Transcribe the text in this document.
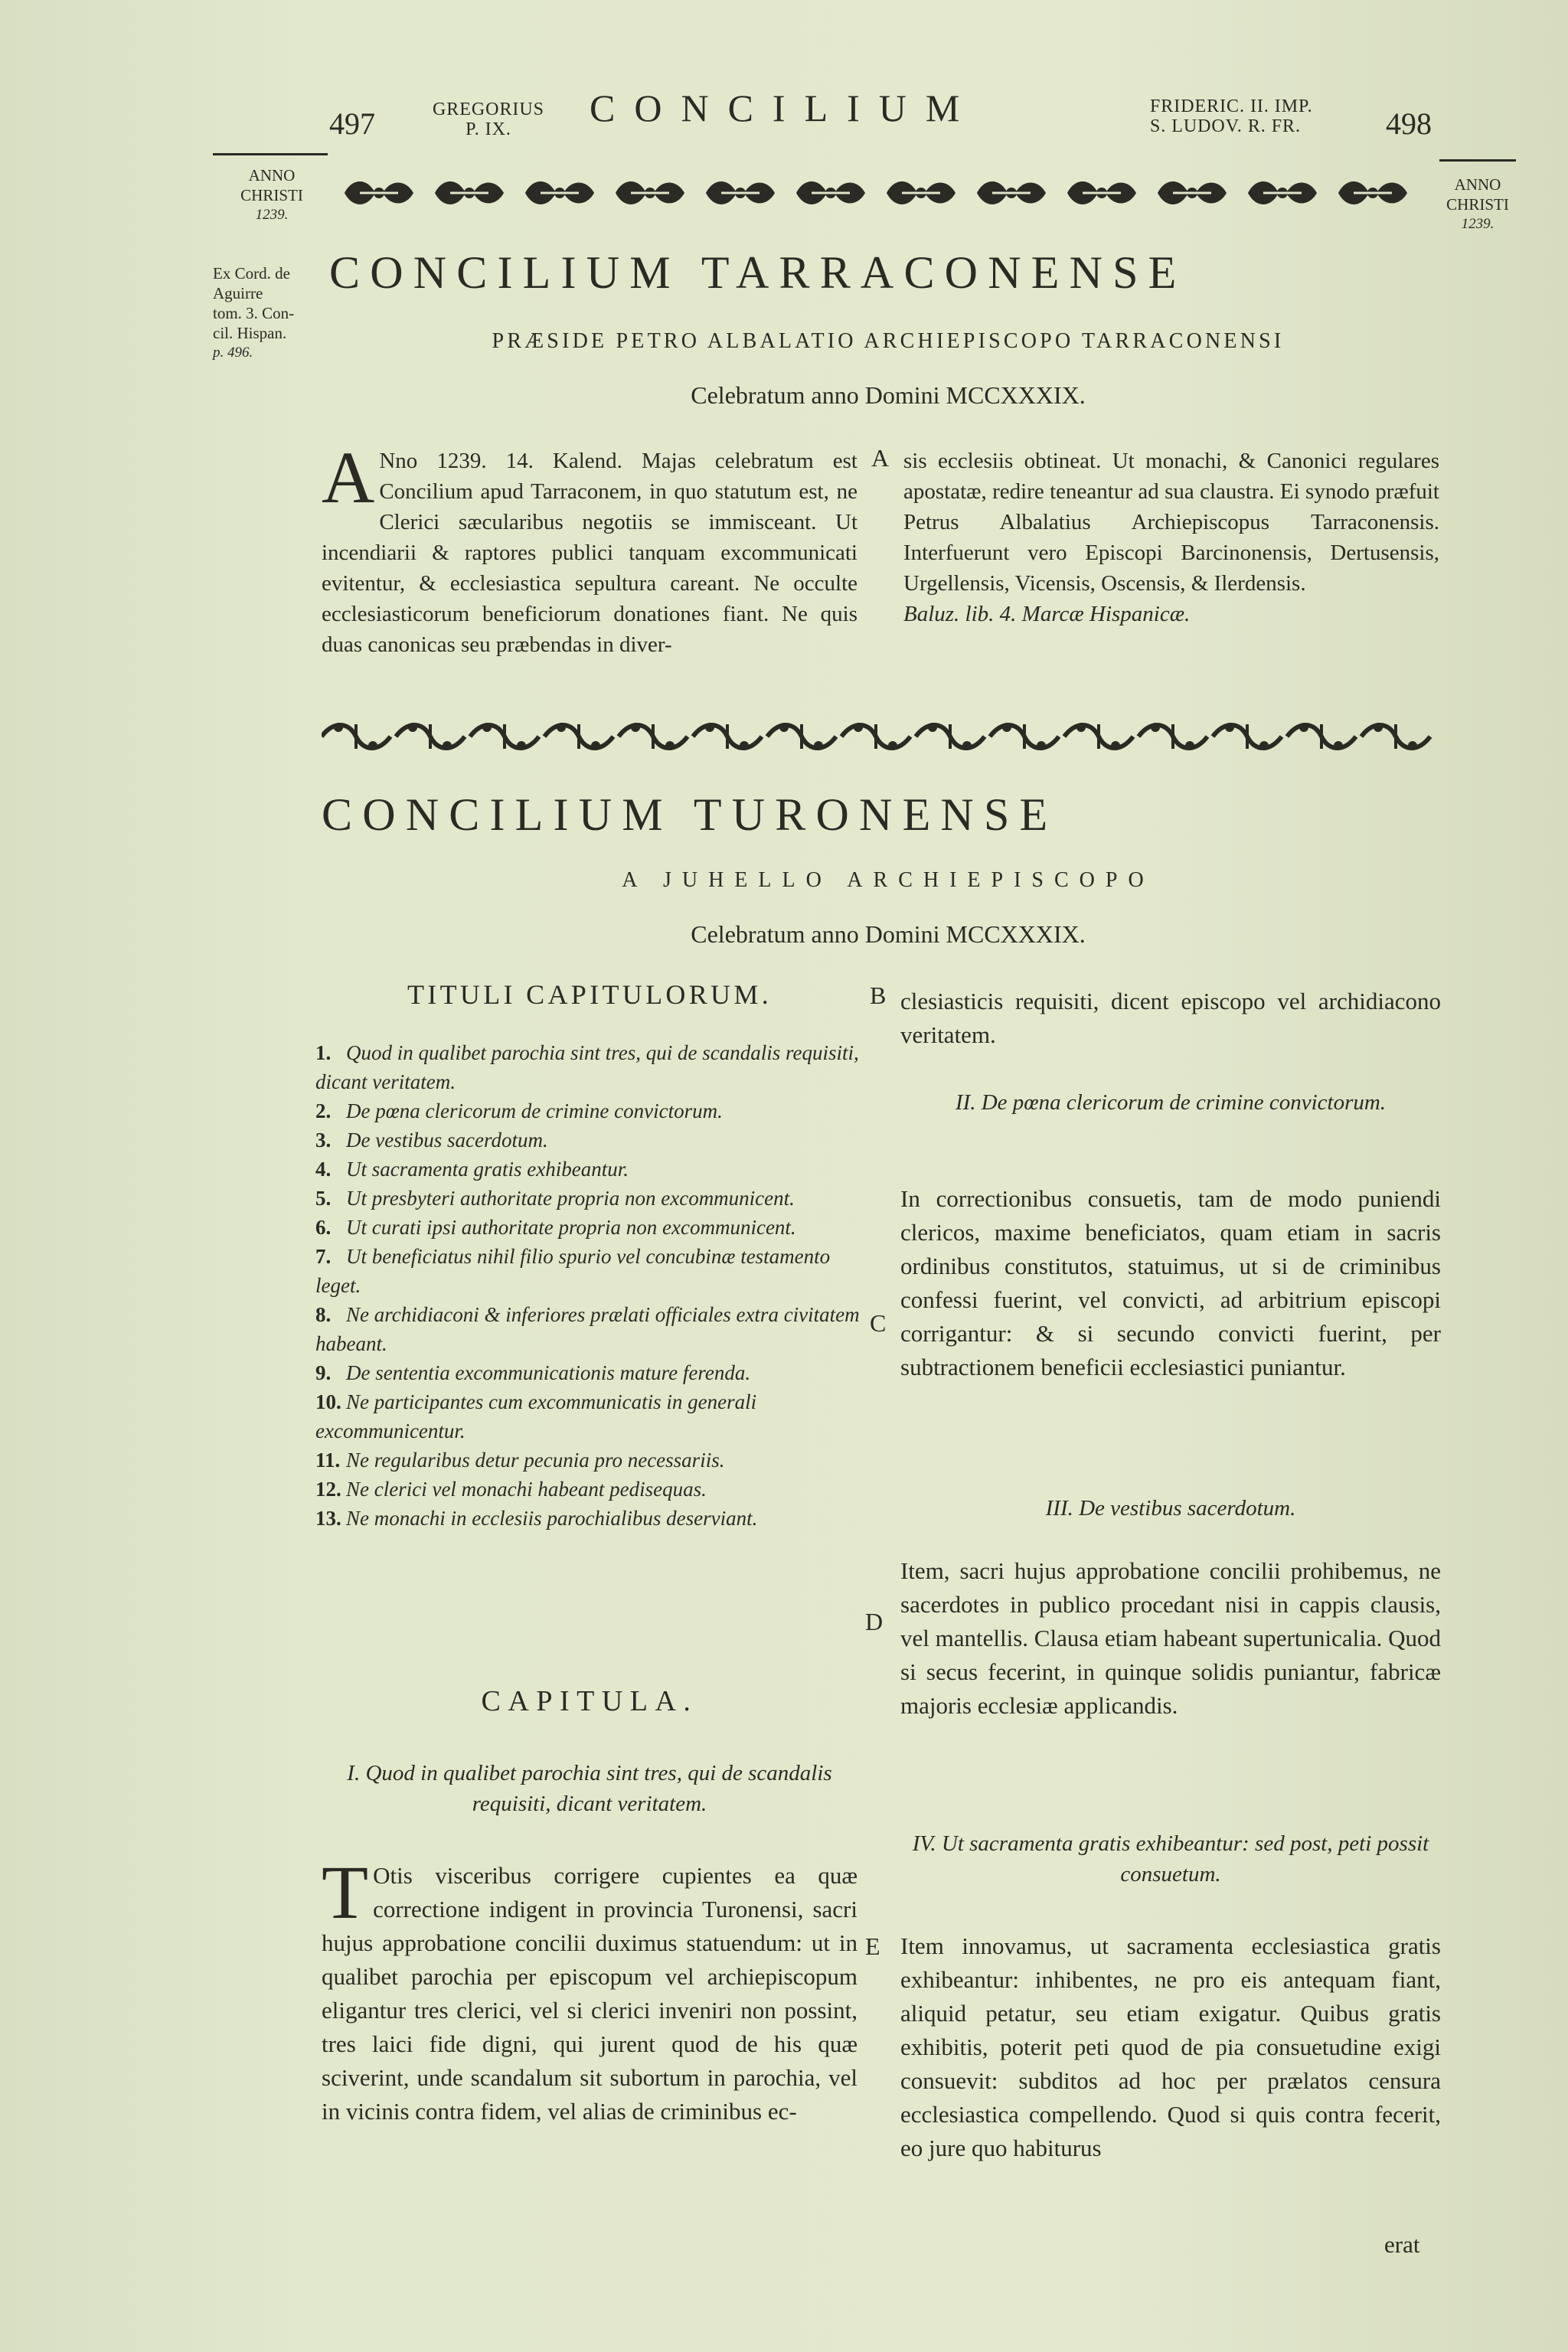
497	GREGORIUS
P. IX.	CONCILIUM	FRIDERIC. II. IMP.
S. LUDOV. R. FR.	498
ANNO
CHRISTI
1239.
ANNO
CHRISTI
1239.
Ex Cord. de
Aguirre
tom. 3. Con-
cil. Hispan.
p. 496.
CONCILIUM TARRACONENSE
PRÆSIDE PETRO ALBALATIO ARCHIEPISCOPO TARRACONENSI
Celebratum anno Domini MCCXXXIX.
A Nno 1239. 14. Kalend. Majas celebratum est Concilium apud Tarraconem, in quo statutum est, ne Clerici sæcularibus negotiis se immisceant. Ut incendiarii & raptores publici tanquam excommunicati evitentur, & ecclesiastica sepultura careant. Ne occulte ecclesiasticorum beneficiorum donationes fiant. Ne quis duas canonicas seu præbendas in diver-
A sis ecclesiis obtineat. Ut monachi, & Canonici regulares apostatæ, redire teneantur ad sua claustra. Ei synodo præfuit Petrus Albalatius Archiepiscopus Tarraconensis. Interfuerunt vero Episcopi Barcinonensis, Dertusensis, Urgellensis, Vicensis, Oscensis, & Ilerdensis.
Baluz. lib. 4. Marcæ Hispanicæ.
CONCILIUM TURONENSE
A JUHELLO ARCHIEPISCOPO
Celebratum anno Domini MCCXXXIX.
TITULI CAPITULORUM.
1. Quod in qualibet parochia sint tres, qui de scandalis requisiti, dicant veritatem.
2. De pœna clericorum de crimine convictorum.
3. De vestibus sacerdotum.
4. Ut sacramenta gratis exhibeantur.
5. Ut presbyteri authoritate propria non excommunicent.
6. Ut curati ipsi authoritate propria non excommunicent.
7. Ut beneficiatus nihil filio spurio vel concubinæ testamento leget.
8. Ne archidiaconi & inferiores prælati officiales extra civitatem habeant.
9. De sententia excommunicationis mature ferenda.
10. Ne participantes cum excommunicatis in generali excommunicentur.
11. Ne regularibus detur pecunia pro necessariis.
12. Ne clerici vel monachi habeant pedisequas.
13. Ne monachi in ecclesiis parochialibus deserviant.
CAPITULA.
I. Quod in qualibet parochia sint tres, qui de scandalis requisiti, dicant veritatem.
T Otis visceribus corrigere cupientes ea quæ correctione indigent in provincia Turonensi, sacri hujus approbatione concilii duximus statuendum: ut in qualibet parochia per episcopum vel archiepiscopum eligantur tres clerici, vel si clerici inveniri non possint, tres laici fide digni, qui jurent quod de his quæ sciverint, unde scandalum sit subortum in parochia, vel in vicinis contra fidem, vel alias de criminibus ec-
B clesiasticis requisiti, dicent episcopo vel archidiacono veritatem.
II. De pœna clericorum de crimine convictorum.
C
In correctionibus consuetis, tam de modo puniendi clericos, maxime beneficiatos, quam etiam in sacris ordinibus constitutos, statuimus, ut si de criminibus confessi fuerint, vel convicti, ad arbitrium episcopi corrigantur: & si secundo convicti fuerint, per subtractionem beneficii ecclesiastici puniantur.
III. De vestibus sacerdotum.
D
Item, sacri hujus approbatione concilii prohibemus, ne sacerdotes in publico procedant nisi in cappis clausis, vel mantellis. Clausa etiam habeant supertunicalia. Quod si secus fecerint, in quinque solidis puniantur, fabricæ majoris ecclesiæ applicandis.
IV. Ut sacramenta gratis exhibeantur: sed post, peti possit consuetum.
E Item innovamus, ut sacramenta ecclesiastica gratis exhibeantur: inhibentes, ne pro eis antequam fiant, aliquid petatur, seu etiam exigatur. Quibus gratis exhibitis, poterit peti quod de pia consuetudine exigi consuevit: subditos ad hoc per prælatos censura ecclesiastica compellendo. Quod si quis contra fecerit, eo jure quo habiturus
erat
